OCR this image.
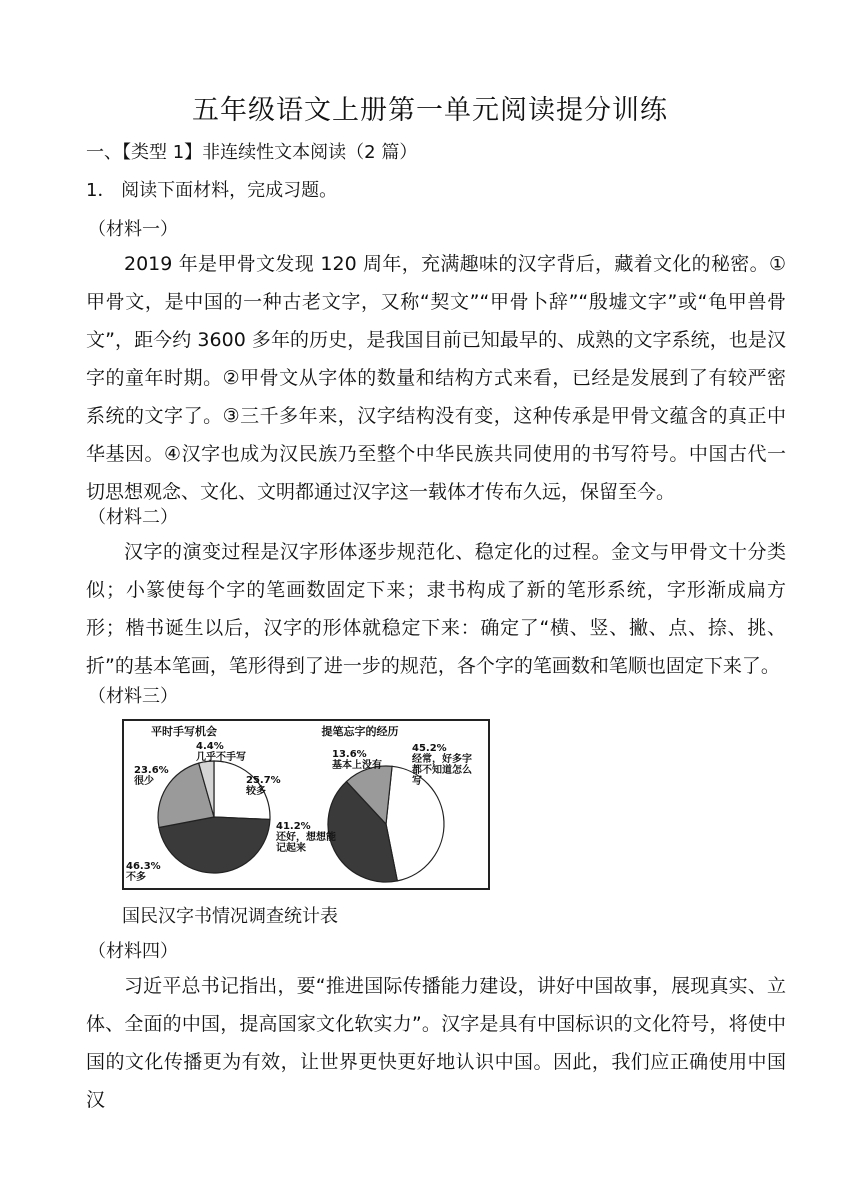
五年级语文上册第一单元阅读提分训练
一、【类型 1】非连续性文本阅读（2 篇）
1． 阅读下面材料，完成习题。
（材料一）

2019 年是甲骨文发现 120 周年，充满趣味的汉字背后，藏着文化的秘密。①甲骨文，是中国的一种古老文字，又称“契文”“甲骨卜辞”“殷墟文字”或“龟甲兽骨文”，距今约 3600 多年的历史，是我国目前已知最早的、成熟的文字系统，也是汉字的童年时期。②甲骨文从字体的数量和结构方式来看，已经是发展到了有较严密系统的文字了。③三千多年来，汉字结构没有变，这种传承是甲骨文蕴含的真正中华基因。④汉字也成为汉民族乃至整个中华民族共同使用的书写符号。中国古代一切思想观念、文化、文明都通过汉字这一载体才传布久远，保留至今。

（材料二）

汉字的演变过程是汉字形体逐步规范化、稳定化的过程。金文与甲骨文十分类似；小篆使每个字的笔画数固定下来；隶书构成了新的笔形系统，字形渐成扁方形；楷书诞生以后，汉字的形体就稳定下来：确定了“横、竖、撇、点、捺、挑、折”的基本笔画，笔形得到了进一步的规范，各个字的笔画数和笔顺也固定下来了。

（材料三）
平时手写机会
25.7%
较多
46.3%
不多
23.6%
很少
4.4%
几乎不手写
提笔忘字的经历
45.2%
经常，好多字
都不知道怎么
写
41.2%
还好，想想能
记起来
13.6%
基本上没有
国民汉字书情况调查统计表
（材料四）

习近平总书记指出，要“推进国际传播能力建设，讲好中国故事，展现真实、立体、全面的中国，提高国家文化软实力”。汉字是具有中国标识的文化符号，将使中国的文化传播更为有效，让世界更快更好地认识中国。因此，我们应正确使用中国汉
